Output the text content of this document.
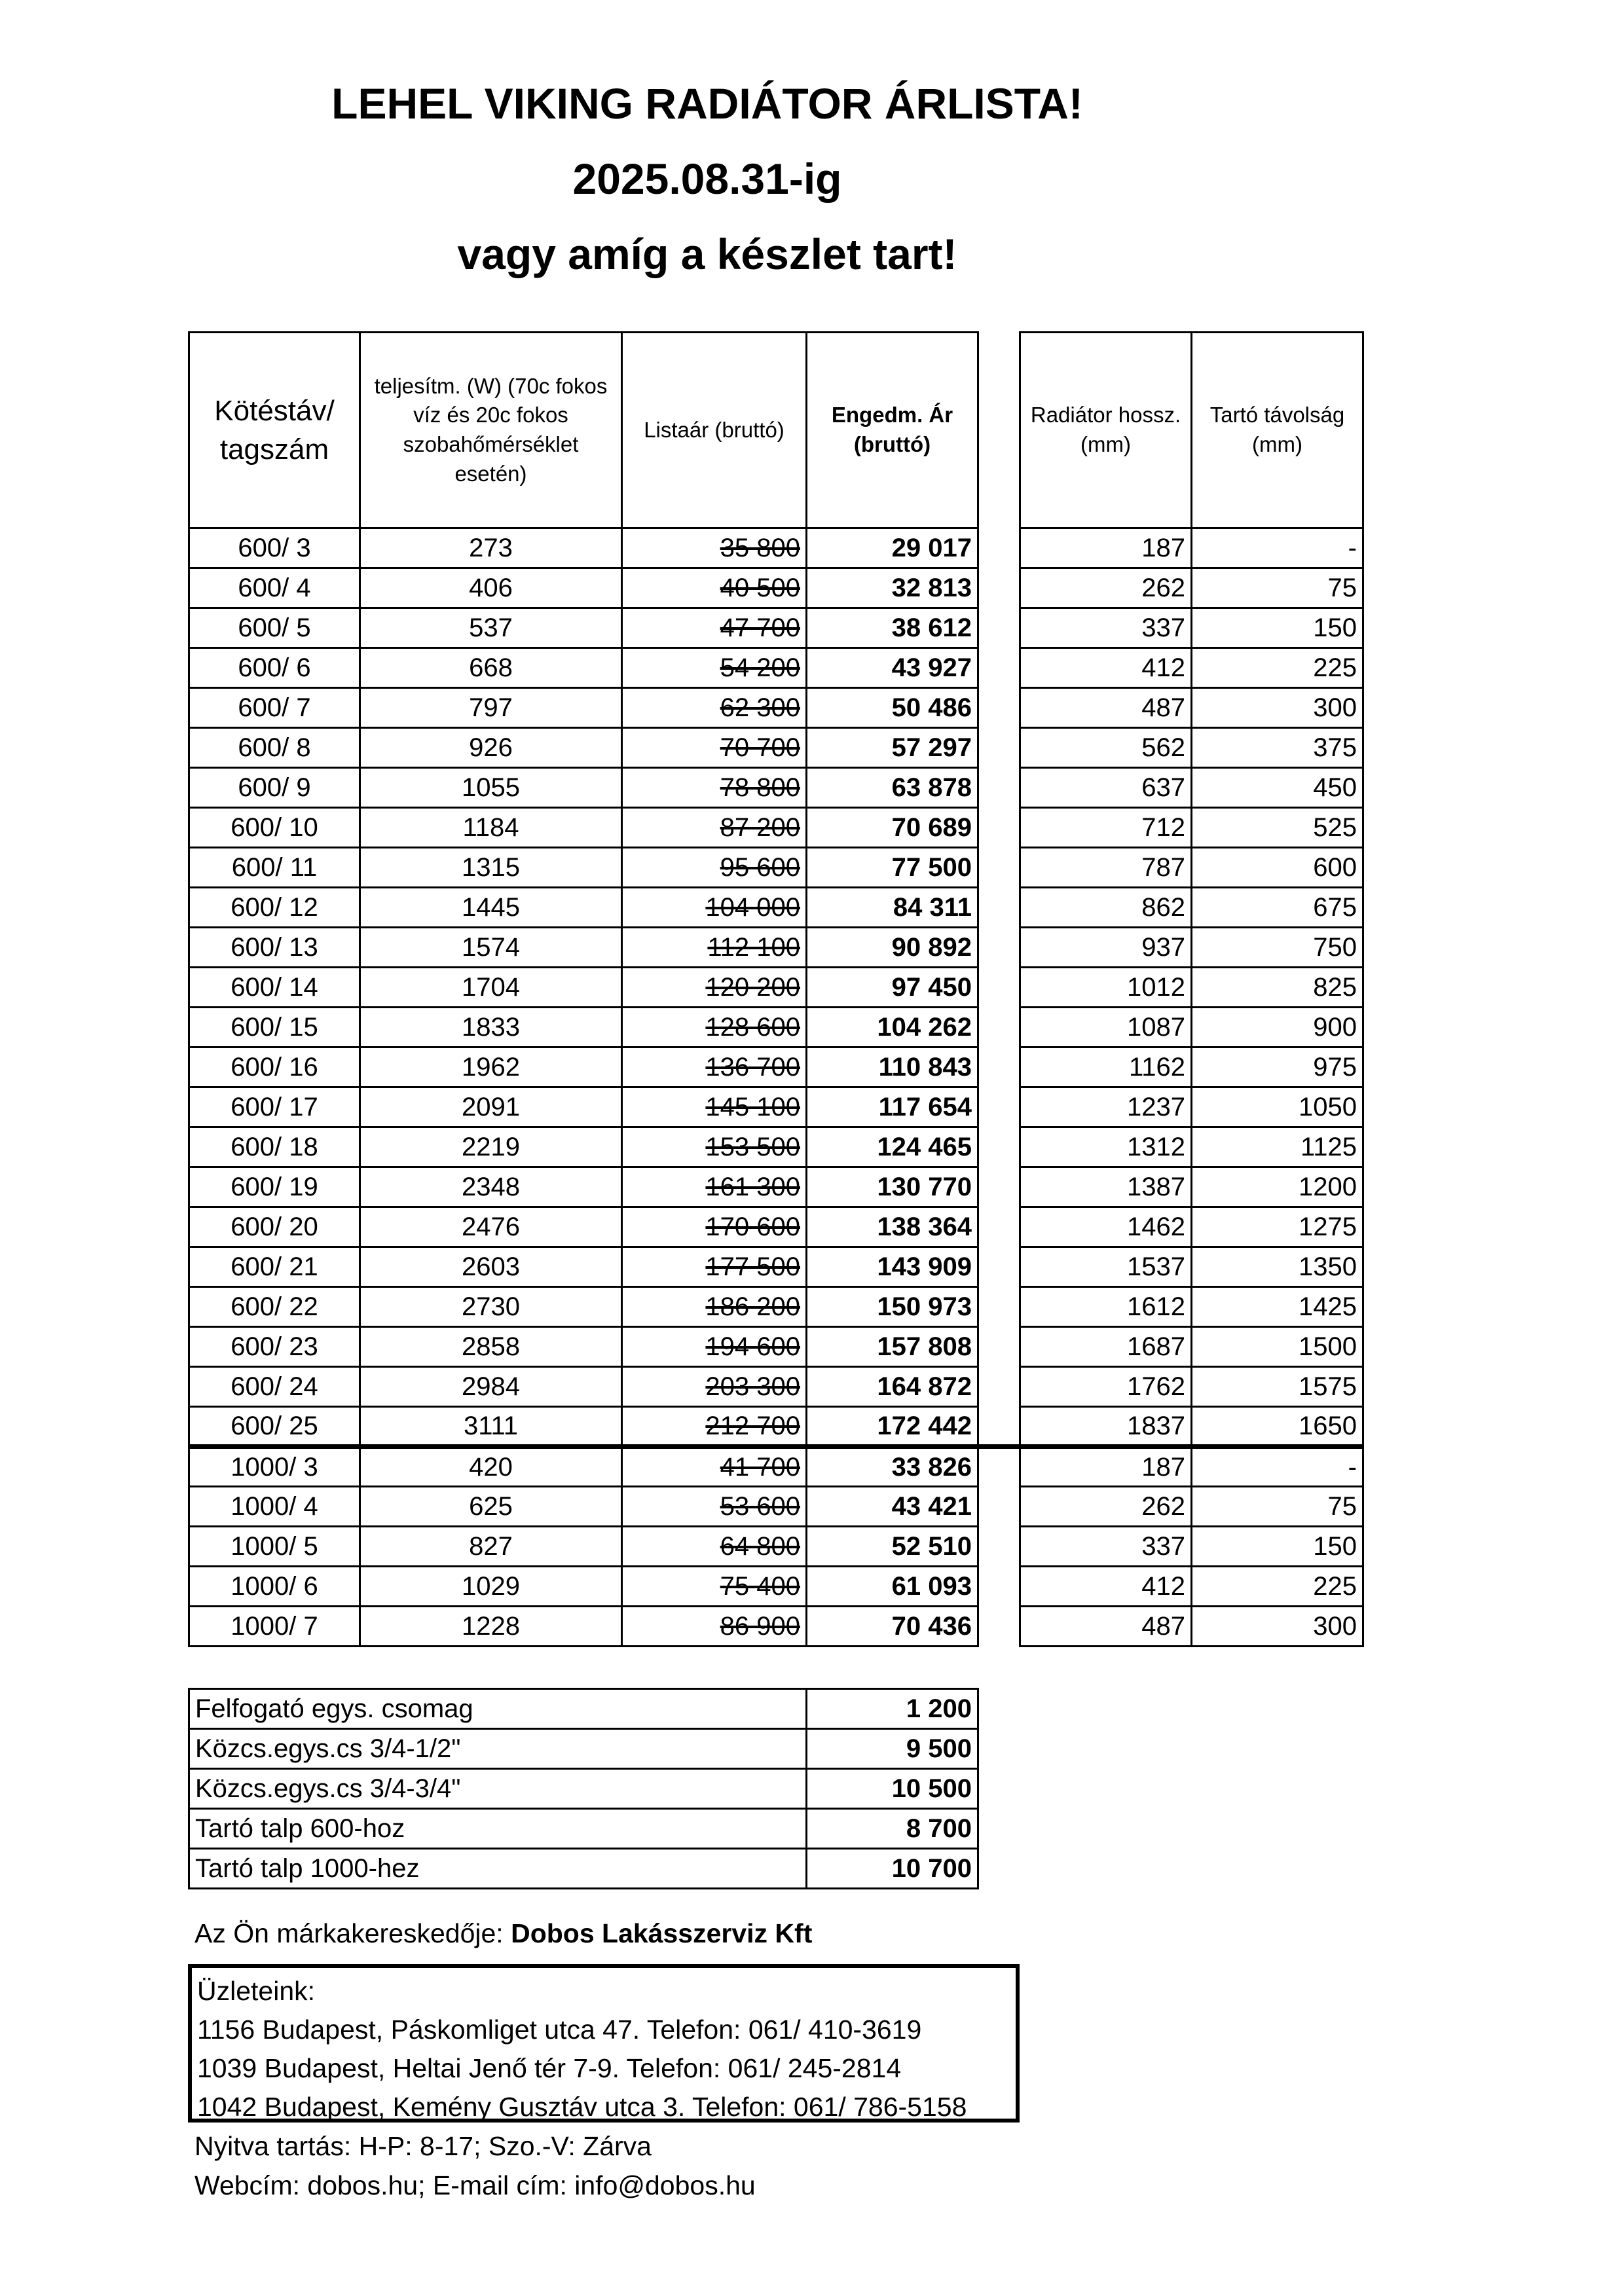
LEHEL VIKING RADIÁTOR ÁRLISTA!
2025.08.31-ig
vagy amíg a készlet tart!
Kötéstáv/ tagszám	teljesítm. (W) (70c fokos víz és 20c fokos szobahőmérséklet esetén)	Listaár (bruttó)	Engedm. Ár (bruttó)		Radiátor hossz. (mm)	Tartó távolság (mm)
600/ 3	273	35 800	29 017		187	-
600/ 4	406	40 500	32 813		262	75
600/ 5	537	47 700	38 612		337	150
600/ 6	668	54 200	43 927		412	225
600/ 7	797	62 300	50 486		487	300
600/ 8	926	70 700	57 297		562	375
600/ 9	1055	78 800	63 878		637	450
600/ 10	1184	87 200	70 689		712	525
600/ 11	1315	95 600	77 500		787	600
600/ 12	1445	104 000	84 311		862	675
600/ 13	1574	112 100	90 892		937	750
600/ 14	1704	120 200	97 450		1012	825
600/ 15	1833	128 600	104 262		1087	900
600/ 16	1962	136 700	110 843		1162	975
600/ 17	2091	145 100	117 654		1237	1050
600/ 18	2219	153 500	124 465		1312	1125
600/ 19	2348	161 300	130 770		1387	1200
600/ 20	2476	170 600	138 364		1462	1275
600/ 21	2603	177 500	143 909		1537	1350
600/ 22	2730	186 200	150 973		1612	1425
600/ 23	2858	194 600	157 808		1687	1500
600/ 24	2984	203 300	164 872		1762	1575
600/ 25	3111	212 700	172 442		1837	1650
1000/ 3	420	41 700	33 826		187	-
1000/ 4	625	53 600	43 421		262	75
1000/ 5	827	64 800	52 510		337	150
1000/ 6	1029	75 400	61 093		412	225
1000/ 7	1228	86 900	70 436		487	300
Felfogató egys. csomag	1 200
Közcs.egys.cs 3/4-1/2"	9 500
Közcs.egys.cs 3/4-3/4"	10 500
Tartó talp 600-hoz	8 700
Tartó talp 1000-hez	10 700
Az Ön márkakereskedője: Dobos Lakásszerviz Kft
Üzleteink:
1156 Budapest, Páskomliget utca 47. Telefon: 061/ 410-3619
1039 Budapest, Heltai Jenő tér 7-9. Telefon: 061/ 245-2814
1042 Budapest, Kemény Gusztáv utca 3. Telefon: 061/ 786-5158
Nyitva tartás: H-P: 8-17; Szo.-V: Zárva
Webcím: dobos.hu; E-mail cím: info@dobos.hu
